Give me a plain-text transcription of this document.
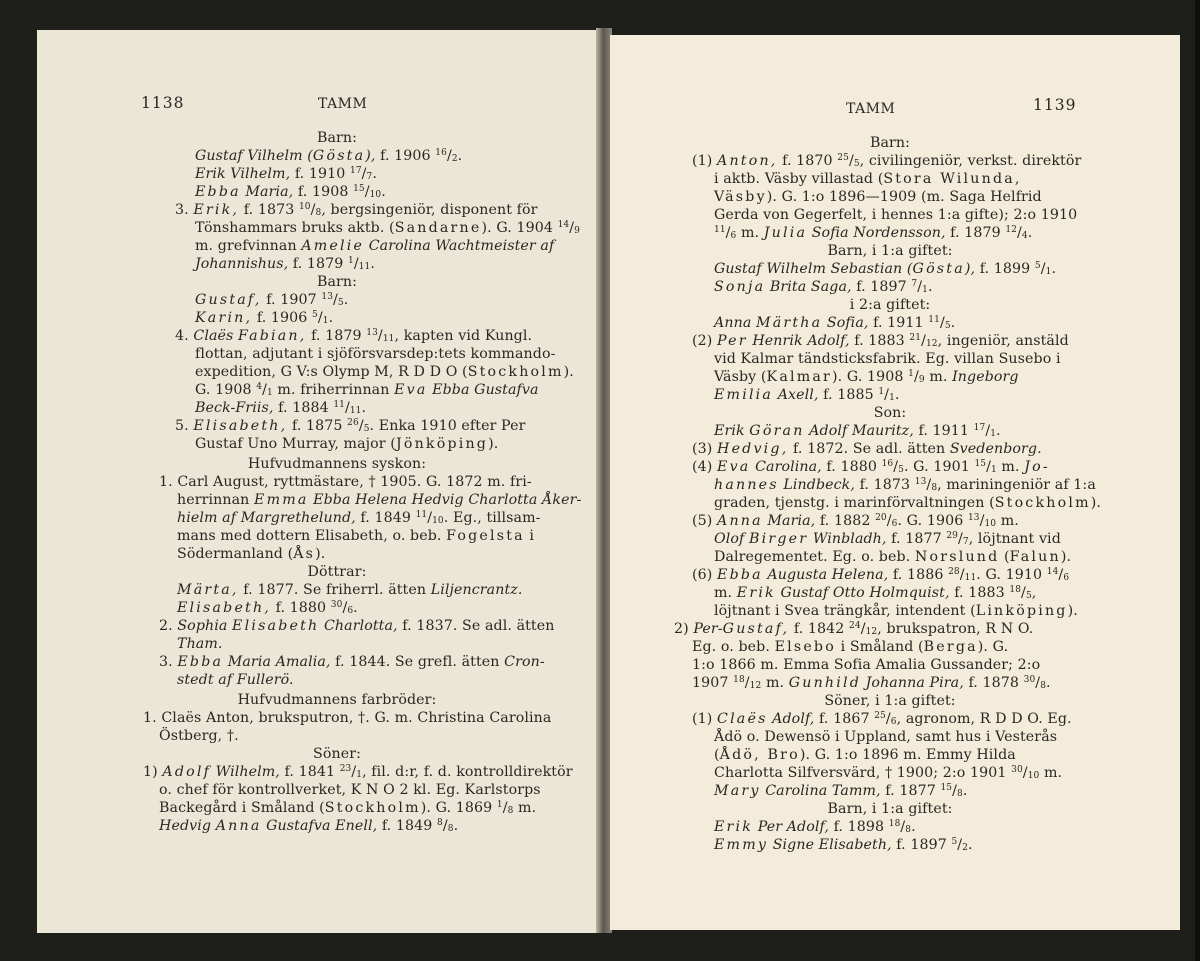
1138	TAMM
Barn:
Gustaf Vilhelm (Gösta), f. 1906 $^{16}/_2$.
Erik Vilhelm, f. 1910 $^{17}/_7$.
Ebba Maria, f. 1908 $^{15}/_{10}$.
3. Erik, f. 1873 $^{10}/_8$, bergsingeniör, disponent för
Tönshammars bruks aktb. (Sandarne). G. 1904 $^{14}/_9$
m. grefvinnan Amelie Carolina Wachtmeister af
Johannishus, f. 1879 $^1/_{11}$.
Barn:
Gustaf, f. 1907 $^{13}/_5$.
Karin, f. 1906 $^5/_1$.
4. Claës Fabian, f. 1879 $^{13}/_{11}$, kapten vid Kungl.
flottan, adjutant i sjöförsvarsdep:tets kommando-
expedition, G V:s Olymp M, R D D O (Stockholm).
G. 1908 $^4/_1$ m. friherrinnan Eva Ebba Gustafva
Beck-Friis, f. 1884 $^{11}/_{11}$.
5. Elisabeth, f. 1875 $^{26}/_5$. Enka 1910 efter Per
Gustaf Uno Murray, major (Jönköping).
Hufvudmannens syskon:
1. Carl August, ryttmästare, † 1905. G. 1872 m. fri-
herrinnan Emma Ebba Helena Hedvig Charlotta Åker-
hielm af Margrethelund, f. 1849 $^{11}/_{10}$. Eg., tillsam-
mans med dottern Elisabeth, o. beb. Fogelsta i
Södermanland (Ås).
Döttrar:
Märta, f. 1877. Se friherrl. ätten Liljencrantz.
Elisabeth, f. 1880 $^{30}/_6$.
2. Sophia Elisabeth Charlotta, f. 1837. Se adl. ätten
Tham.
3. Ebba Maria Amalia, f. 1844. Se grefl. ätten Cron-
stedt af Fullerö.
Hufvudmannens farbröder:
1. Claës Anton, bruksputron, †. G. m. Christina Carolina
Östberg, †.
Söner:
1) Adolf Wilhelm, f. 1841 $^{23}/_1$, fil. d:r, f. d. kontrolldirektör
o. chef för kontrollverket, K N O 2 kl. Eg. Karlstorps
Backegård i Småland (Stockholm). G. 1869 $^1/_8$ m.
Hedvig Anna Gustafva Enell, f. 1849 $^8/_8$.
TAMM	1139
Barn:
(1) Anton, f. 1870 $^{25}/_5$, civilingeniör, verkst. direktör
i aktb. Väsby villastad (Stora Wilunda,
Väsby). G. 1:o 1896—1909 (m. Saga Helfrid
Gerda von Gegerfelt, i hennes 1:a gifte); 2:o 1910
$^{11}/_6$ m. Julia Sofia Nordensson, f. 1879 $^{12}/_4$.
Barn, i 1:a giftet:
Gustaf Wilhelm Sebastian (Gösta), f. 1899 $^5/_1$.
Sonja Brita Saga, f. 1897 $^7/_1$.
i 2:a giftet:
Anna Märtha Sofia, f. 1911 $^{11}/_5$.
(2) Per Henrik Adolf, f. 1883 $^{21}/_{12}$, ingeniör, anstäld
vid Kalmar tändsticksfabrik. Eg. villan Susebo i
Väsby (Kalmar). G. 1908 $^1/_9$ m. Ingeborg
Emilia Axell, f. 1885 $^1/_1$.
Son:
Erik Göran Adolf Mauritz, f. 1911 $^{17}/_1$.
(3) Hedvig, f. 1872. Se adl. ätten Svedenborg.
(4) Eva Carolina, f. 1880 $^{16}/_5$. G. 1901 $^{15}/_1$ m. Jo-
hannes Lindbeck, f. 1873 $^{13}/_8$, mariningeniör af 1:a
graden, tjenstg. i marinförvaltningen (Stockholm).
(5) Anna Maria, f. 1882 $^{20}/_6$. G. 1906 $^{13}/_{10}$ m.
Olof Birger Winbladh, f. 1877 $^{29}/_7$, löjtnant vid
Dalregementet. Eg. o. beb. Norslund (Falun).
(6) Ebba Augusta Helena, f. 1886 $^{28}/_{11}$. G. 1910 $^{14}/_6$
m. Erik Gustaf Otto Holmquist, f. 1883 $^{18}/_5$,
löjtnant i Svea trängkår, intendent (Linköping).
2) Per-Gustaf, f. 1842 $^{24}/_{12}$, brukspatron, R N O.
Eg. o. beb. Elsebo i Småland (Berga). G.
1:o 1866 m. Emma Sofia Amalia Gussander; 2:o
1907 $^{18}/_{12}$ m. Gunhild Johanna Pira, f. 1878 $^{30}/_8$.
Söner, i 1:a giftet:
(1) Claës Adolf, f. 1867 $^{25}/_6$, agronom, R D D O. Eg.
Ådö o. Dewensö i Uppland, samt hus i Vesterås
(Ådö, Bro). G. 1:o 1896 m. Emmy Hilda
Charlotta Silfversvärd, † 1900; 2:o 1901 $^{30}/_{10}$ m.
Mary Carolina Tamm, f. 1877 $^{15}/_8$.
Barn, i 1:a giftet:
Erik Per Adolf, f. 1898 $^{18}/_8$.
Emmy Signe Elisabeth, f. 1897 $^5/_2$.
